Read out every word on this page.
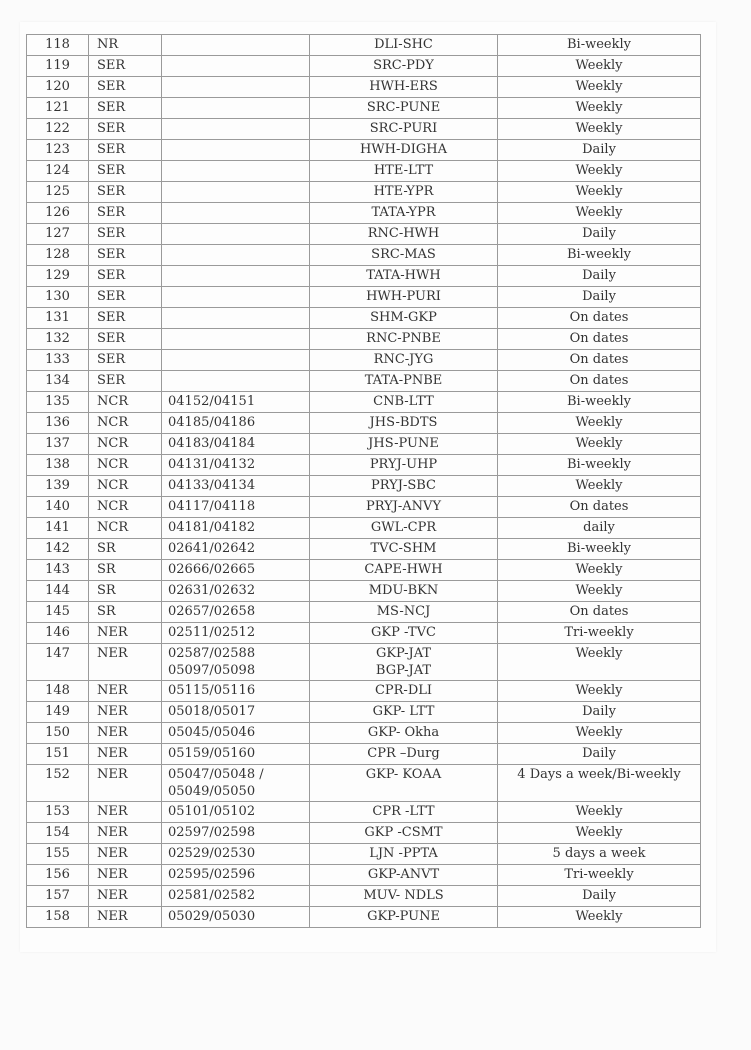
118	NR		DLI-SHC	Bi-weekly

119	SER		SRC-PDY	Weekly

120	SER		HWH-ERS	Weekly

121	SER		SRC-PUNE	Weekly

122	SER		SRC-PURI	Weekly

123	SER		HWH-DIGHA	Daily

124	SER		HTE-LTT	Weekly

125	SER		HTE-YPR	Weekly

126	SER		TATA-YPR	Weekly

127	SER		RNC-HWH	Daily

128	SER		SRC-MAS	Bi-weekly

129	SER		TATA-HWH	Daily

130	SER		HWH-PURI	Daily

131	SER		SHM-GKP	On dates

132	SER		RNC-PNBE	On dates

133	SER		RNC-JYG	On dates

134	SER		TATA-PNBE	On dates

135	NCR	04152/04151	CNB-LTT	Bi-weekly

136	NCR	04185/04186	JHS-BDTS	Weekly

137	NCR	04183/04184	JHS-PUNE	Weekly

138	NCR	04131/04132	PRYJ-UHP	Bi-weekly

139	NCR	04133/04134	PRYJ-SBC	Weekly

140	NCR	04117/04118	PRYJ-ANVY	On dates

141	NCR	04181/04182	GWL-CPR	daily

142	SR	02641/02642	TVC-SHM	Bi-weekly

143	SR	02666/02665	CAPE-HWH	Weekly

144	SR	02631/02632	MDU-BKN	Weekly

145	SR	02657/02658	MS-NCJ	On dates

146	NER	02511/02512	GKP -TVC	Tri-weekly

147	NER	02587/02588
05097/05098	GKP-JAT
BGP-JAT	Weekly

148	NER	05115/05116	CPR-DLI	Weekly

149	NER	05018/05017	GKP- LTT	Daily

150	NER	05045/05046	GKP- Okha	Weekly

151	NER	05159/05160	CPR –Durg	Daily

152	NER	05047/05048 /
05049/05050	GKP- KOAA	4 Days a week/Bi-weekly

153	NER	05101/05102	CPR -LTT	Weekly

154	NER	02597/02598	GKP -CSMT	Weekly

155	NER	02529/02530	LJN -PPTA	5 days a week

156	NER	02595/02596	GKP-ANVT	Tri-weekly

157	NER	02581/02582	MUV- NDLS	Daily

158	NER	05029/05030	GKP-PUNE	Weekly
